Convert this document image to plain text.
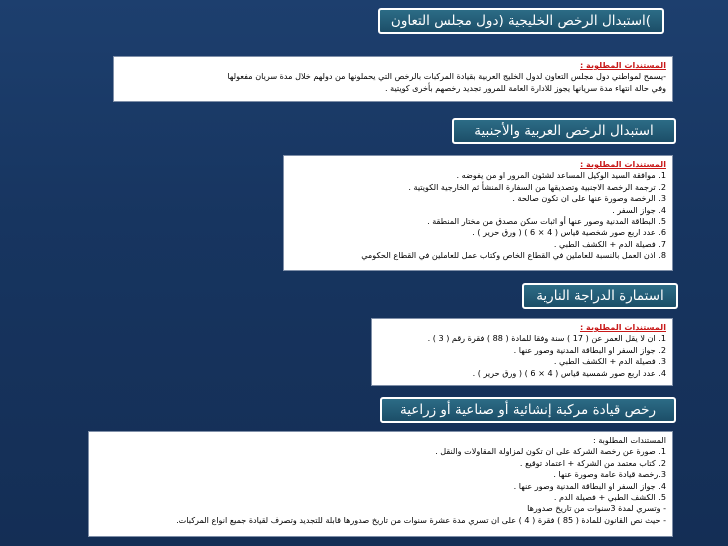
)استبدال الرخص الخليجية (دول مجلس التعاون
المستندات المطلوبة :
-يسمح لمواطني دول مجلس التعاون لدول الخليج العربية بقيادة المركبات بالرخص التي يحملونها من دولهم خلال مدة سريان مفعولها
وفي حالة انتهاء مدة سريانها يجوز للادارة العامة للمرور تجديد رخصهم بأخرى كويتية .
استبدال الرخص العربية والأجنبية
المستندات المطلوبة :
1. موافقة السيد الوكيل المساعد لشئون المرور او من يفوضه .
2. ترجمة الرخصة الاجنبية وتصديقها من السفارة المنشأ ثم الخارجية الكويتية .
3. الرخصة وصورة عنها على ان تكون صالحة .
4. جواز السفر .
5. البطاقة المدنية وصور عنها أو اثبات سكن مصدق من مختار المنطقة .
6. عدد اربع صور شخصية قياس ( 4 × 6 ) ( ورق حرير ) .
7. فصيلة الدم + الكشف الطبي .
8. اذن العمل بالنسبة للعاملين في القطاع الخاص وكتاب عمل للعاملين في القطاع الحكومي
استمارة الدراجة النارية
المستندات المطلوبة :
1. ان لا يقل العمر عن ( 17 ) سنة وفقا للمادة ( 88 ) فقرة رقم ( 3 ) .
2. جواز السفر او البطاقة المدنية وصور عنها .
3. فصيلة الدم + الكشف الطبي .
4. عدد اربع صور شمسية قياس ( 4 × 6 ) ( ورق حرير ) .
رخص قيادة مركبة إنشائية أو صناعية أو زراعية
المستندات المطلوبة :
1. صورة عن رخصة الشركة على ان تكون لمزاولة المقاولات والنقل .
2. كتاب معتمد من الشركة + اعتماد توقيع .
3.رخصة قيادة عامة وصورة عنها .
4. جواز السفر او البطاقة المدنية وصور عنها .
5. الكشف الطبي + فصيلة الدم .
- وتسري لمدة 3سنوات من تاريخ صدورها
- حيث نص القانون للمادة ( 85 ) فقرة ( 4 ) على ان تسري مدة عشرة سنوات من تاريخ صدورها قابلة للتجديد وتصرف لقيادة جميع انواع المركبات.
